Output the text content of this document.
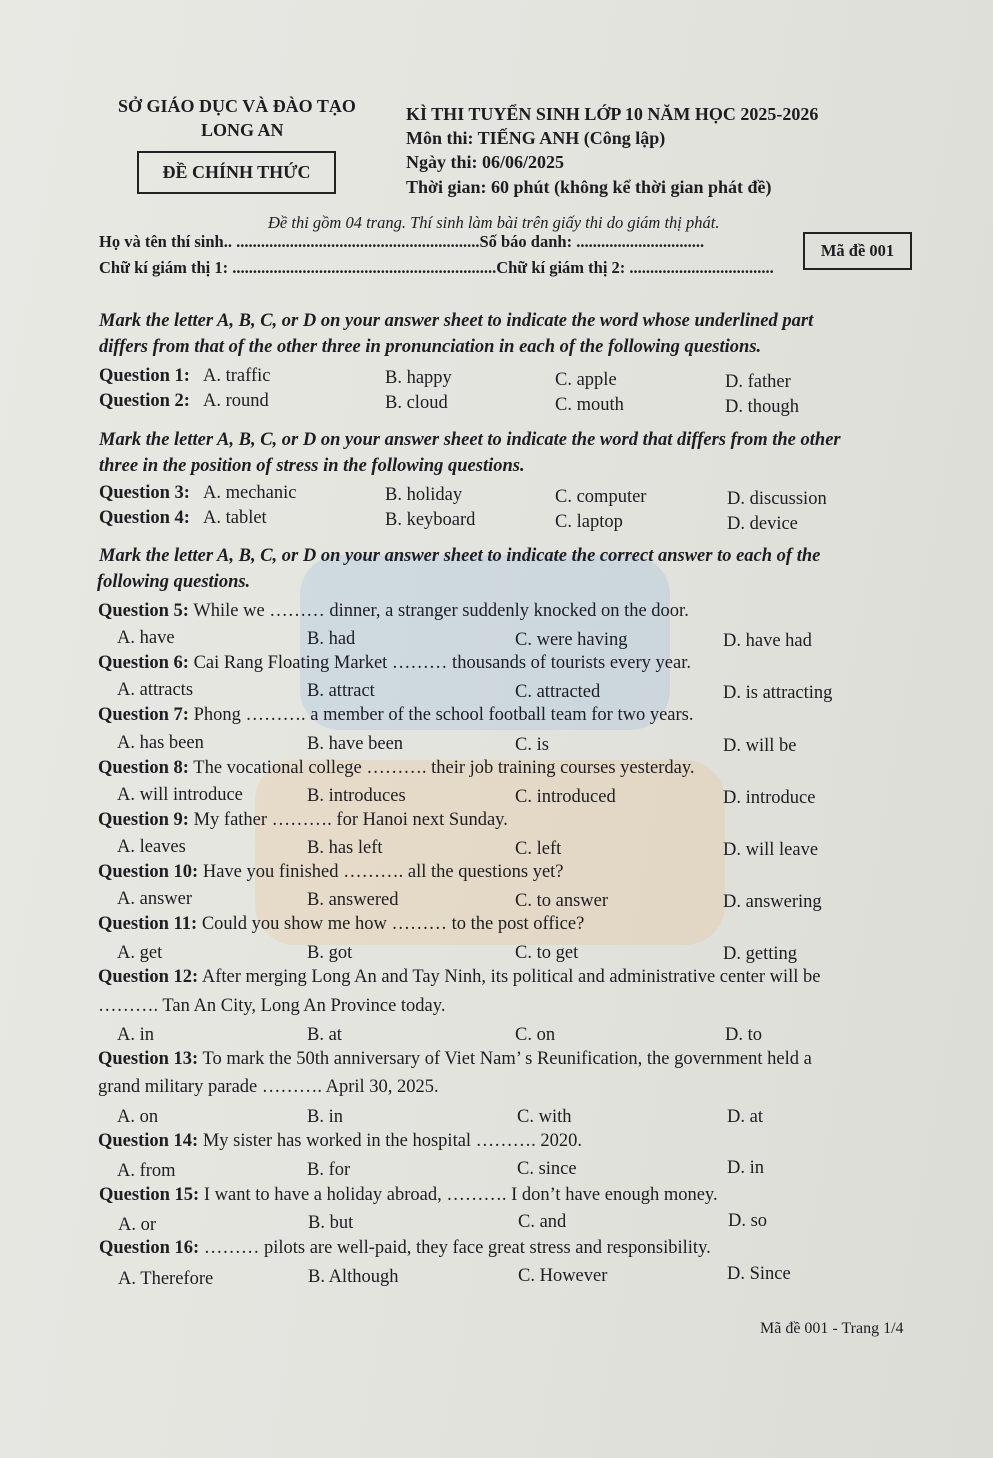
SỞ GIÁO DỤC VÀ ĐÀO TẠO
LONG AN
ĐỀ CHÍNH THỨC
KÌ THI TUYỂN SINH LỚP 10 NĂM HỌC 2025-2026
Môn thi: TIẾNG ANH (Công lập)
Ngày thi: 06/06/2025
Thời gian: 60 phút (không kể thời gian phát đề)
Đề thi gồm 04 trang. Thí sinh làm bài trên giấy thi do giám thị phát.
Họ và tên thí sinh.. ...........................................................Số báo danh: ...............................
Chữ kí giám thị 1: ................................................................Chữ kí giám thị 2: ...................................
Mã đề 001
Mark the letter A, B, C, or D on your answer sheet to indicate the word whose underlined part
differs from that of the other three in pronunciation in each of the following questions.
Question 1: A. traffic	B. happy	C. apple	D. father
Question 2: A. round	B. cloud	C. mouth	D. though
Mark the letter A, B, C, or D on your answer sheet to indicate the word that differs from the other
three in the position of stress in the following questions.
Question 3: A. mechanic	B. holiday	C. computer	D. discussion
Question 4: A. tablet	B. keyboard	C. laptop	D. device
Mark the letter A, B, C, or D on your answer sheet to indicate the correct answer to each of the
following questions.
Question 5: While we ……… dinner, a stranger suddenly knocked on the door.
A. have	B. had	C. were having	D. have had
Question 6: Cai Rang Floating Market ……… thousands of tourists every year.
A. attracts	B. attract	C. attracted	D. is attracting
Question 7: Phong ………. a member of the school football team for two years.
A. has been	B. have been	C. is	D. will be
Question 8: The vocational college ………. their job training courses yesterday.
A. will introduce	B. introduces	C. introduced	D. introduce
Question 9: My father ………. for Hanoi next Sunday.
A. leaves	B. has left	C. left	D. will leave
Question 10: Have you finished ………. all the questions yet?
A. answer	B. answered	C. to answer	D. answering
Question 11: Could you show me how ……… to the post office?
A. get	B. got	C. to get	D. getting
Question 12: After merging Long An and Tay Ninh, its political and administrative center will be
………. Tan An City, Long An Province today.
A. in	B. at	C. on	D. to
Question 13: To mark the 50th anniversary of Viet Nam’ s Reunification, the government held a
grand military parade ………. April 30, 2025.
A. on	B. in	C. with	D. at
Question 14: My sister has worked in the hospital ………. 2020.
A. from	B. for	C. since	D. in
Question 15: I want to have a holiday abroad, ………. I don’t have enough money.
A. or	B. but	C. and	D. so
Question 16: ……… pilots are well-paid, they face great stress and responsibility.
A. Therefore	B. Although	C. However	D. Since
Mã đề 001 - Trang 1/4
